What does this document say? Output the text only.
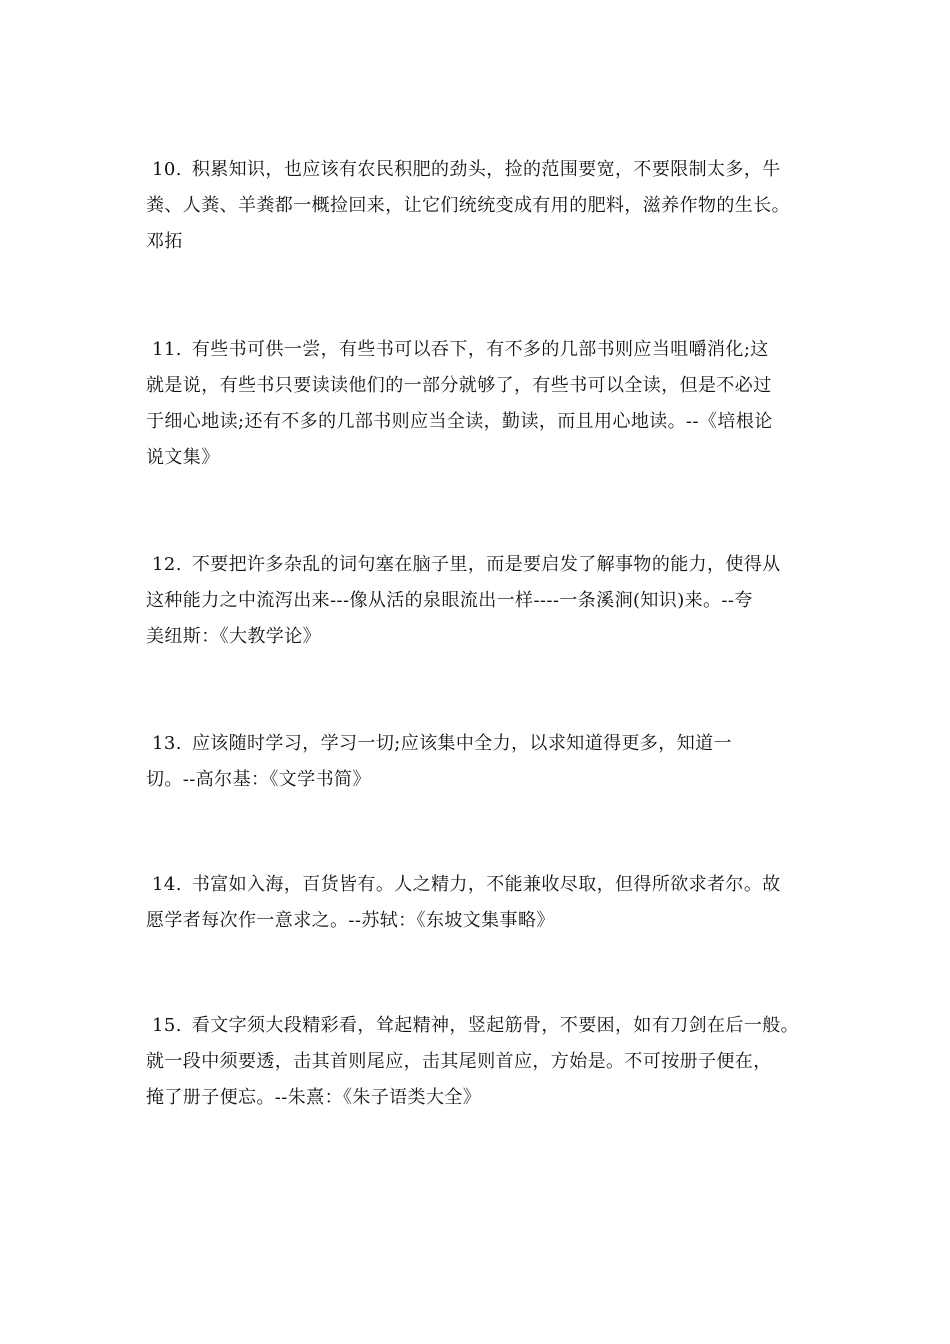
10. 积累知识，也应该有农民积肥的劲头，捡的范围要宽，不要限制太多，牛
粪、人粪、羊粪都一概捡回来，让它们统统变成有用的肥料，滋养作物的生长。
邓拓
11. 有些书可供一尝，有些书可以吞下，有不多的几部书则应当咀嚼消化;这
就是说，有些书只要读读他们的一部分就够了，有些书可以全读，但是不必过
于细心地读;还有不多的几部书则应当全读，勤读，而且用心地读。--《培根论
说文集》
12. 不要把许多杂乱的词句塞在脑子里，而是要启发了解事物的能力，使得从
这种能力之中流泻出来---像从活的泉眼流出一样----一条溪涧(知识)来。--夸
美纽斯：《大教学论》
13. 应该随时学习，学习一切;应该集中全力，以求知道得更多，知道一
切。--高尔基：《文学书简》
14. 书富如入海，百货皆有。人之精力，不能兼收尽取，但得所欲求者尔。故
愿学者每次作一意求之。--苏轼：《东坡文集事略》
15. 看文字须大段精彩看，耸起精神，竖起筋骨，不要困，如有刀剑在后一般。
就一段中须要透，击其首则尾应，击其尾则首应，方始是。不可按册子便在，
掩了册子便忘。--朱熹：《朱子语类大全》
